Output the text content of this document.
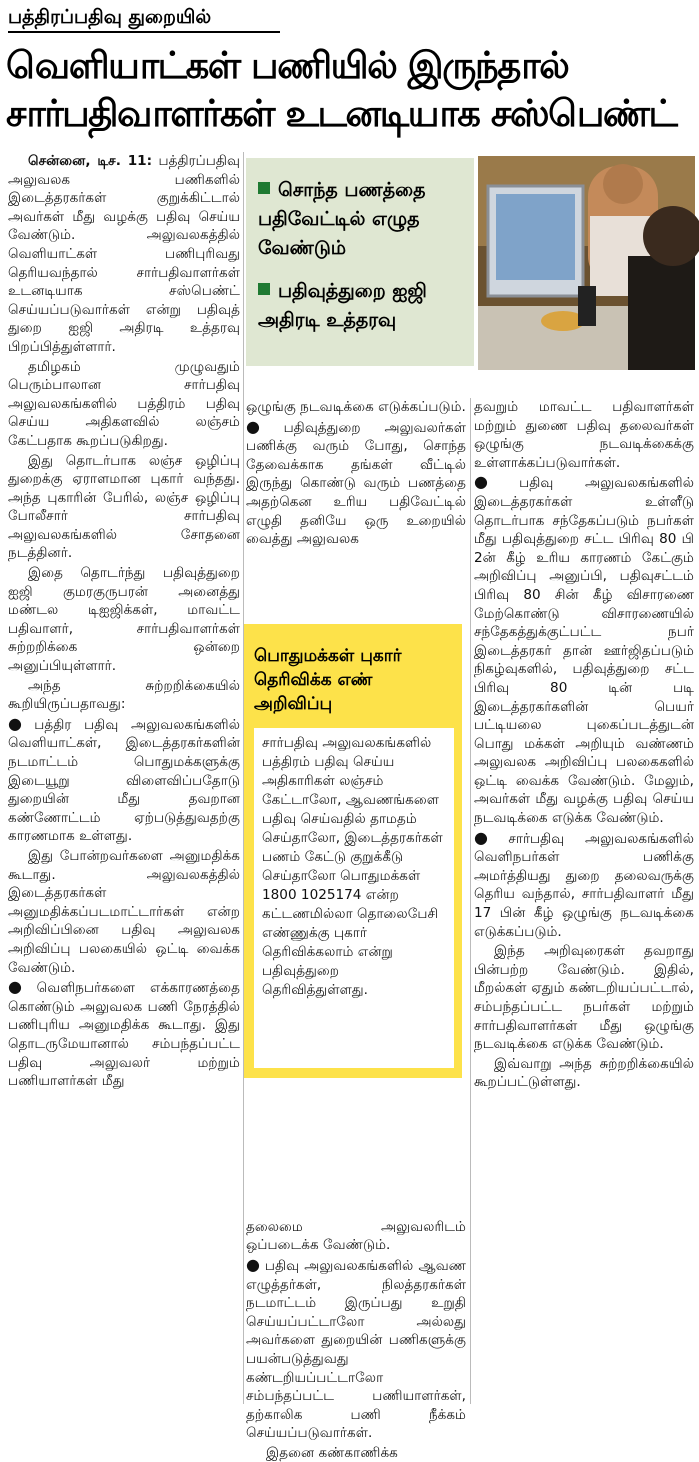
பத்திரப்பதிவு துறையில்
வெளியாட்கள் பணியில் இருந்தால்
சார்பதிவாளர்கள் உடனடியாக சஸ்பெண்ட்

சென்னை, டிச. 11: பத்திரப்பதிவு அலுவலக பணிகளில் இடைத்தரகர்கள் குறுக்கிட்டால் அவர்கள் மீது வழக்கு பதிவு செய்ய வேண்டும். அலுவலகத்தில் வெளியாட்கள் பணிபுரிவது தெரியவந்தால் சார்பதிவாளர்கள் உடனடியாக சஸ்பெண்ட் செய்யப்படுவார்கள் என்று பதிவுத் துறை ஐஜி அதிரடி உத்தரவு பிறப்பித்துள்ளார்.

தமிழகம் முழுவதும் பெரும்பாலான சார்பதிவு அலுவலகங்களில் பத்திரம் பதிவு செய்ய அதிகளவில் லஞ்சம் கேட்பதாக கூறப்படுகிறது.

இது தொடர்பாக லஞ்ச ஒழிப்பு துறைக்கு ஏராளமான புகார் வந்தது. அந்த புகாரின் பேரில், லஞ்ச ஒழிப்பு போலீசார் சார்பதிவு அலுவலகங்களில் சோதனை நடத்தினர்.

இதை தொடர்ந்து பதிவுத்துறை ஐஜி குமரகுருபரன் அனைத்து மண்டல டிஐஜிக்கள், மாவட்ட பதிவாளர், சார்பதிவாளர்கள் சுற்றறிக்கை ஒன்றை அனுப்பியுள்ளார்.

அந்த சுற்றறிக்கையில் கூறியிருப்பதாவது:

● பத்திர பதிவு அலுவலகங்களில் வெளியாட்கள், இடைத்தரகர்களின் நடமாட்டம் பொதுமக்களுக்கு இடையூறு விளைவிப்பதோடு துறையின் மீது தவறான கண்ணோட்டம் ஏற்படுத்துவதற்கு காரணமாக உள்ளது.

இது போன்றவர்களை அனுமதிக்க கூடாது. அலுவலகத்தில் இடைத்தரகர்கள் அனுமதிக்கப்படமாட்டார்கள் என்ற அறிவிப்பினை பதிவு அலுவலக அறிவிப்பு பலகையில் ஒட்டி வைக்க வேண்டும்.

● வெளிநபர்களை எக்காரணத்தை கொண்டும் அலுவலக பணி நேரத்தில் பணிபுரிய அனுமதிக்க கூடாது. இது தொடருமேயானால் சம்பந்தப்பட்ட பதிவு அலுவலர் மற்றும் பணியாளர்கள் மீது

சொந்த பணத்தை பதிவேட்டில் எழுத வேண்டும்
பதிவுத்துறை ஐஜி அதிரடி உத்தரவு

ஒழுங்கு நடவடிக்கை எடுக்கப்படும்.

● பதிவுத்துறை அலுவலர்கள் பணிக்கு வரும் போது, சொந்த தேவைக்காக தங்கள் வீட்டில் இருந்து கொண்டு வரும் பணத்தை அதற்கென உரிய பதிவேட்டில் எழுதி தனியே ஒரு உறையில் வைத்து அலுவலக

தலைமை அலுவலரிடம் ஒப்படைக்க வேண்டும்.

● பதிவு அலுவலகங்களில் ஆவண எழுத்தர்கள், நிலத்தரகர்கள் நடமாட்டம் இருப்பது உறுதி செய்யப்பட்டாலோ அல்லது அவர்களை துறையின் பணிகளுக்கு பயன்படுத்துவது கண்டறியப்பட்டாலோ சம்பந்தப்பட்ட பணியாளர்கள், தற்காலிக பணி நீக்கம் செய்யப்படுவார்கள்.

இதனை கண்காணிக்க

தவறும் மாவட்ட பதிவாளர்கள் மற்றும் துணை பதிவு தலைவர்கள் ஒழுங்கு நடவடிக்கைக்கு உள்ளாக்கப்படுவார்கள்.

● பதிவு அலுவலகங்களில் இடைத்தரகர்கள் உள்ளீடு தொடர்பாக சந்தேகப்படும் நபர்கள் மீது பதிவுத்துறை சட்ட பிரிவு 80 பி 2ன் கீழ் உரிய காரணம் கேட்கும் அறிவிப்பு அனுப்பி, பதிவுசட்டம் பிரிவு 80 சின் கீழ் விசாரணை மேற்கொண்டு விசாரணையில் சந்தேகத்துக்குட்பட்ட நபர் இடைத்தரகர் தான் ஊர்ஜிதப்படும் நிகழ்வுகளில், பதிவுத்துறை சட்ட பிரிவு 80 டின் படி இடைத்தரகர்களின் பெயர் பட்டியலை புகைப்படத்துடன் பொது மக்கள் அறியும் வண்ணம் அலுவலக அறிவிப்பு பலகைகளில் ஒட்டி வைக்க வேண்டும். மேலும், அவர்கள் மீது வழக்கு பதிவு செய்ய நடவடிக்கை எடுக்க வேண்டும்.

● சார்பதிவு அலுவலகங்களில் வெளிநபர்கள் பணிக்கு அமர்த்தியது துறை தலைவருக்கு தெரிய வந்தால், சார்பதிவாளர் மீது 17 பின் கீழ் ஒழுங்கு நடவடிக்கை எடுக்கப்படும்.

இந்த அறிவுரைகள் தவறாது பின்பற்ற வேண்டும். இதில், மீறல்கள் ஏதும் கண்டறியப்பட்டால், சம்பந்தப்பட்ட நபர்கள் மற்றும் சார்பதிவாளர்கள் மீது ஒழுங்கு நடவடிக்கை எடுக்க வேண்டும்.

இவ்வாறு அந்த சுற்றறிக்கையில் கூறப்பட்டுள்ளது.

பொதுமக்கள் புகார் தெரிவிக்க எண் அறிவிப்பு
சார்பதிவு அலுவலகங்களில் பத்திரம் பதிவு செய்ய அதிகாரிகள் லஞ்சம் கேட்டாலோ, ஆவணங்களை பதிவு செய்வதில் தாமதம் செய்தாலோ, இடைத்தரகர்கள் பணம் கேட்டு குறுக்கீடு செய்தாலோ பொதுமக்கள் 1800 1025174 என்ற கட்டணமில்லா தொலைபேசி எண்ணுக்கு புகார் தெரிவிக்கலாம் என்று பதிவுத்துறை தெரிவித்துள்ளது.
